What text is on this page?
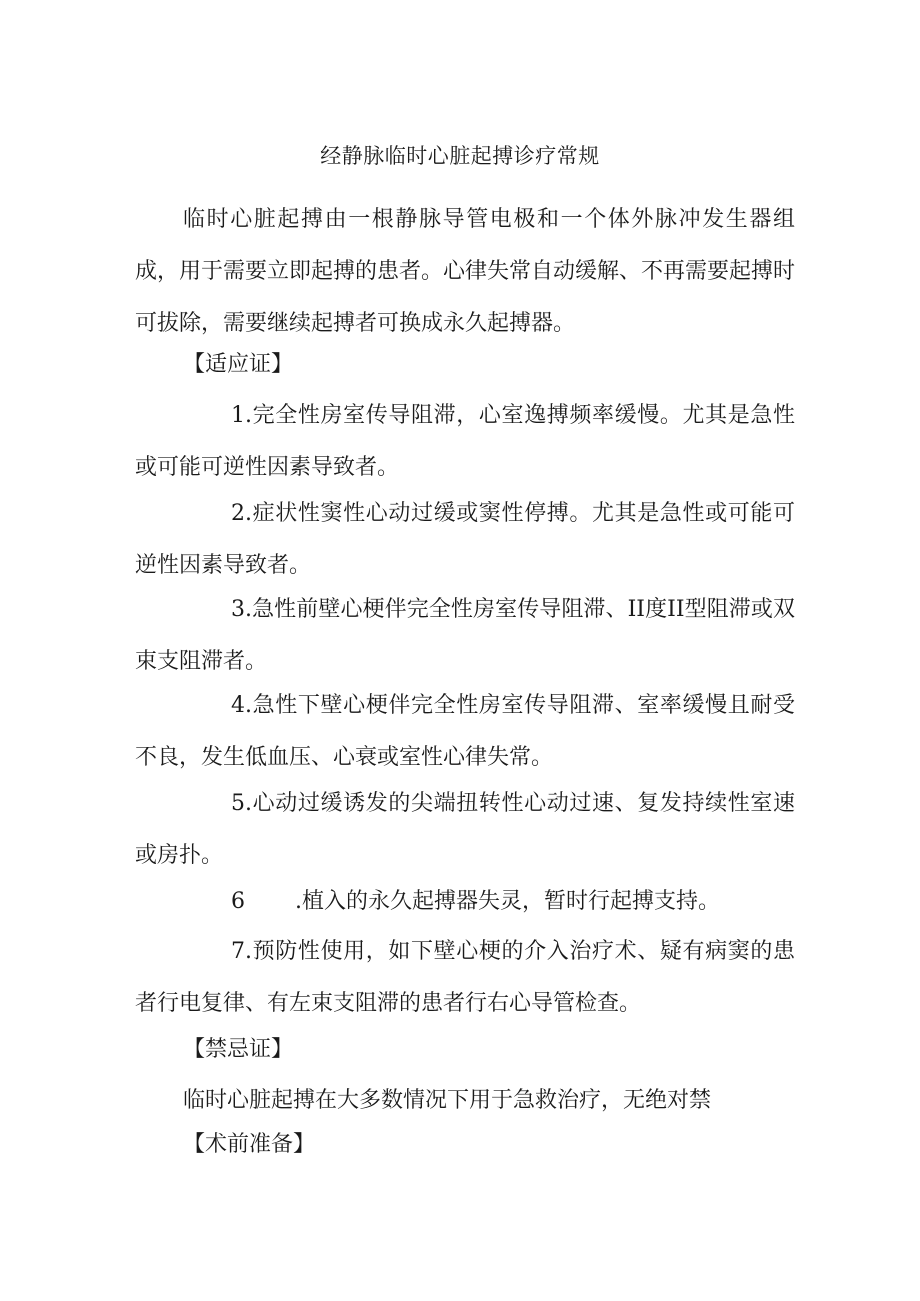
经静脉临时心脏起搏诊疗常规

临时心脏起搏由一根静脉导管电极和一个体外脉冲发生器组成，用于需要立即起搏的患者。心律失常自动缓解、不再需要起搏时可拔除，需要继续起搏者可换成永久起搏器。

【适应证】

1.完全性房室传导阻滞，心室逸搏频率缓慢。尤其是急性或可能可逆性因素导致者。

2.症状性窦性心动过缓或窦性停搏。尤其是急性或可能可逆性因素导致者。

3.急性前壁心梗伴完全性房室传导阻滞、II度II型阻滞或双束支阻滞者。

4.急性下壁心梗伴完全性房室传导阻滞、室率缓慢且耐受不良，发生低血压、心衰或室性心律失常。

5.心动过缓诱发的尖端扭转性心动过速、复发持续性室速或房扑。

6 .植入的永久起搏器失灵，暂时行起搏支持。

7.预防性使用，如下壁心梗的介入治疗术、疑有病窦的患者行电复律、有左束支阻滞的患者行右心导管检查。

【禁忌证】

临时心脏起搏在大多数情况下用于急救治疗，无绝对禁

【术前准备】
